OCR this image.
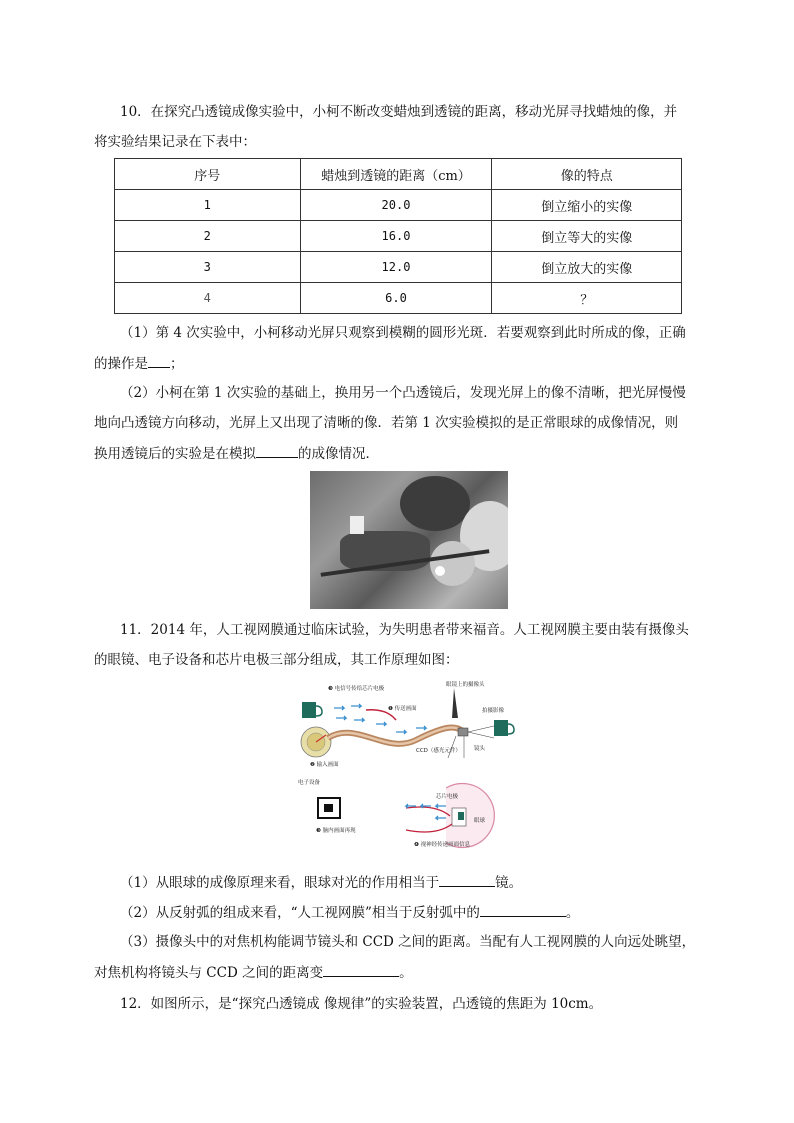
10．在探究凸透镜成像实验中，小柯不断改变蜡烛到透镜的距离，移动光屏寻找蜡烛的像，并
将实验结果记录在下表中：
序号	蜡烛到透镜的距离（cm）	像的特点
1	20.0	倒立缩小的实像
2	16.0	倒立等大的实像
3	12.0	倒立放大的实像
4	6.0	？
（1）第 4 次实验中，小柯移动光屏只观察到模糊的圆形光斑．若要观察到此时所成的像，正确
的操作是 ；
（2）小柯在第 1 次实验的基础上，换用另一个凸透镜后，发现光屏上的像不清晰，把光屏慢慢
地向凸透镜方向移动，光屏上又出现了清晰的像．若第 1 次实验模拟的是正常眼球的成像情况，则
换用透镜后的实验是在模拟	的成像情况．
11．2014 年，人工视网膜通过临床试验，为失明患者带来福音。人工视网膜主要由装有摄像头
的眼镜、电子设备和芯片电极三部分组成，其工作原理如图：
❸ 电信号传给芯片电极
❶ 传送画面
眼镜上的摄像头
拍摄影像
CCD（感光元件） 镜头
❷ 输入画面
电子设备
❸ 脑内画面再现
芯片电极
眼球
❹ 视神经传递画面信息
（1）从眼球的成像原理来看，眼球对光的作用相当于	镜。
（2）从反射弧的组成来看，“人工视网膜”相当于反射弧中的	。
（3）摄像头中的对焦机构能调节镜头和 CCD 之间的距离。当配有人工视网膜的人向远处眺望，
对焦机构将镜头与 CCD 之间的距离变	。
12．如图所示，是“探究凸透镜成 像规律”的实验装置，凸透镜的焦距为 10cm。
